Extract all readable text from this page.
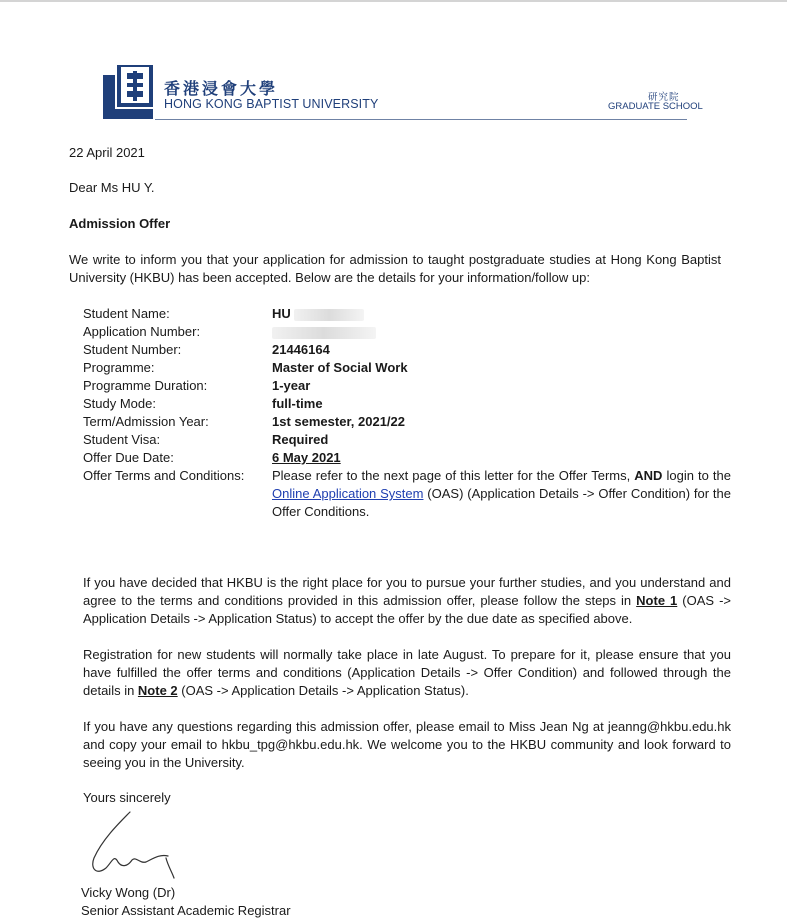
香港浸會大學
HONG KONG BAPTIST UNIVERSITY	研究院
GRADUATE SCHOOL
22 April 2021
Dear Ms HU Y.
Admission Offer
We write to inform you that your application for admission to taught postgraduate studies at Hong Kong Baptist University (HKBU) has been accepted. Below are the details for your information/follow up:
Student Name:	HU
Application Number:
Student Number:	21446164
Programme:	Master of Social Work
Programme Duration:	1-year
Study Mode:	full-time
Term/Admission Year:	1st semester, 2021/22
Student Visa:	Required
Offer Due Date:	6 May 2021
Offer Terms and Conditions: Please refer to the next page of this letter for the Offer Terms, AND login to the Online Application System (OAS) (Application Details -> Offer Condition) for the Offer Conditions.
If you have decided that HKBU is the right place for you to pursue your further studies, and you understand and agree to the terms and conditions provided in this admission offer, please follow the steps in Note 1 (OAS -> Application Details -> Application Status) to accept the offer by the due date as specified above.
Registration for new students will normally take place in late August. To prepare for it, please ensure that you have fulfilled the offer terms and conditions (Application Details -> Offer Condition) and followed through the details in Note 2 (OAS -> Application Details -> Application Status).
If you have any questions regarding this admission offer, please email to Miss Jean Ng at jeanng@hkbu.edu.hk and copy your email to hkbu_tpg@hkbu.edu.hk. We welcome you to the HKBU community and look forward to seeing you in the University.
Yours sincerely
Vicky Wong (Dr)
Senior Assistant Academic Registrar
